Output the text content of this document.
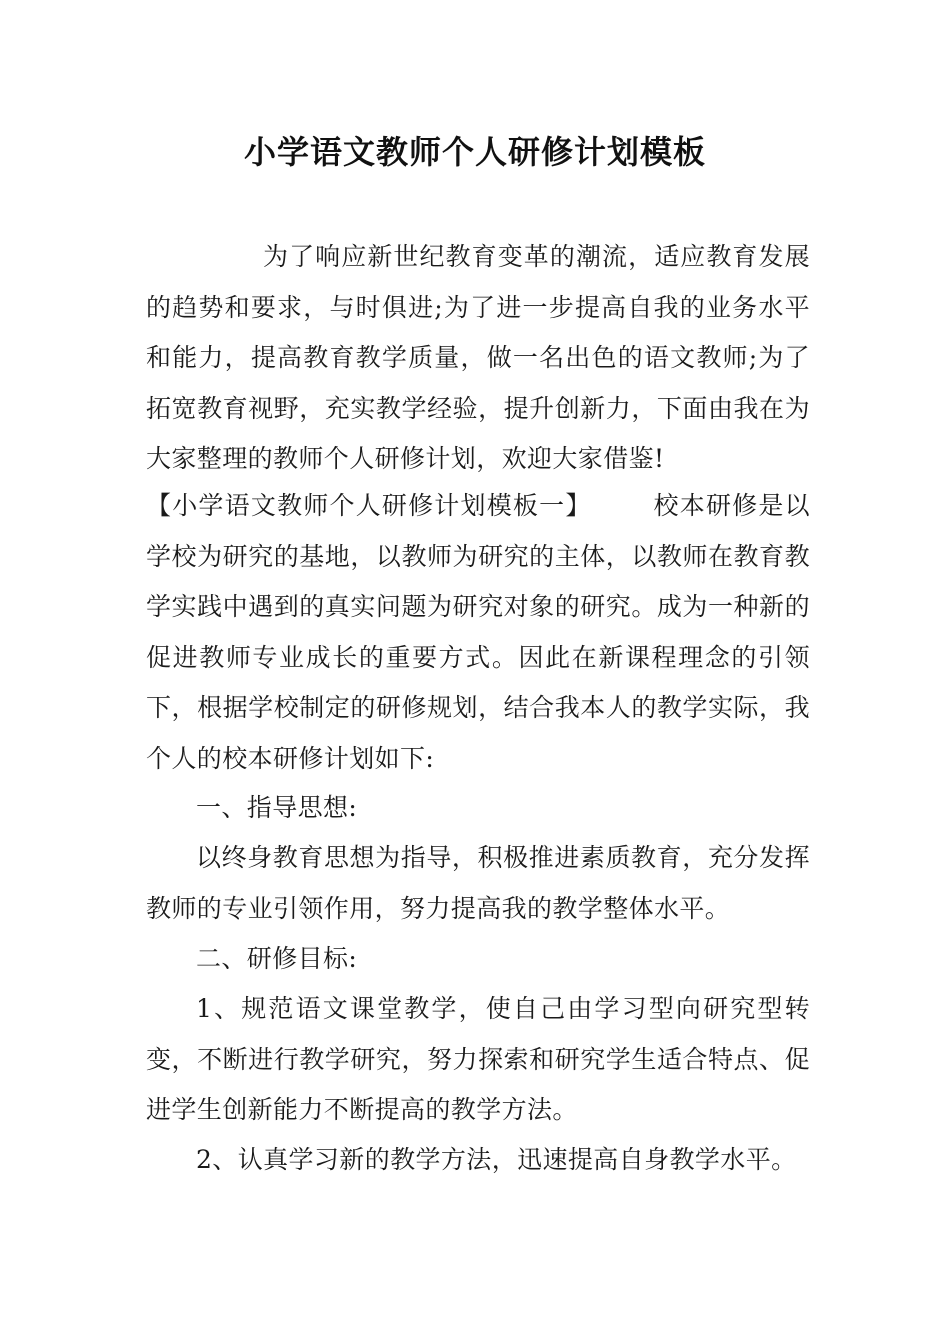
小学语文教师个人研修计划模板
为了响应新世纪教育变革的潮流，适应教育发展的趋势和要求，与时俱进;为了进一步提高自我的业务水平和能力，提高教育教学质量，做一名出色的语文教师;为了拓宽教育视野，充实教学经验，提升创新力，下面由我在为大家整理的教师个人研修计划，欢迎大家借鉴!
【小学语文教师个人研修计划模板一】 校本研修是以学校为研究的基地，以教师为研究的主体，以教师在教育教学实践中遇到的真实问题为研究对象的研究。成为一种新的促进教师专业成长的重要方式。因此在新课程理念的引领下，根据学校制定的研修规划，结合我本人的教学实际，我个人的校本研修计划如下:
一、指导思想:
以终身教育思想为指导，积极推进素质教育，充分发挥教师的专业引领作用，努力提高我的教学整体水平。
二、研修目标:
1、规范语文课堂教学，使自己由学习型向研究型转变，不断进行教学研究，努力探索和研究学生适合特点、促进学生创新能力不断提高的教学方法。
2、认真学习新的教学方法，迅速提高自身教学水平。
